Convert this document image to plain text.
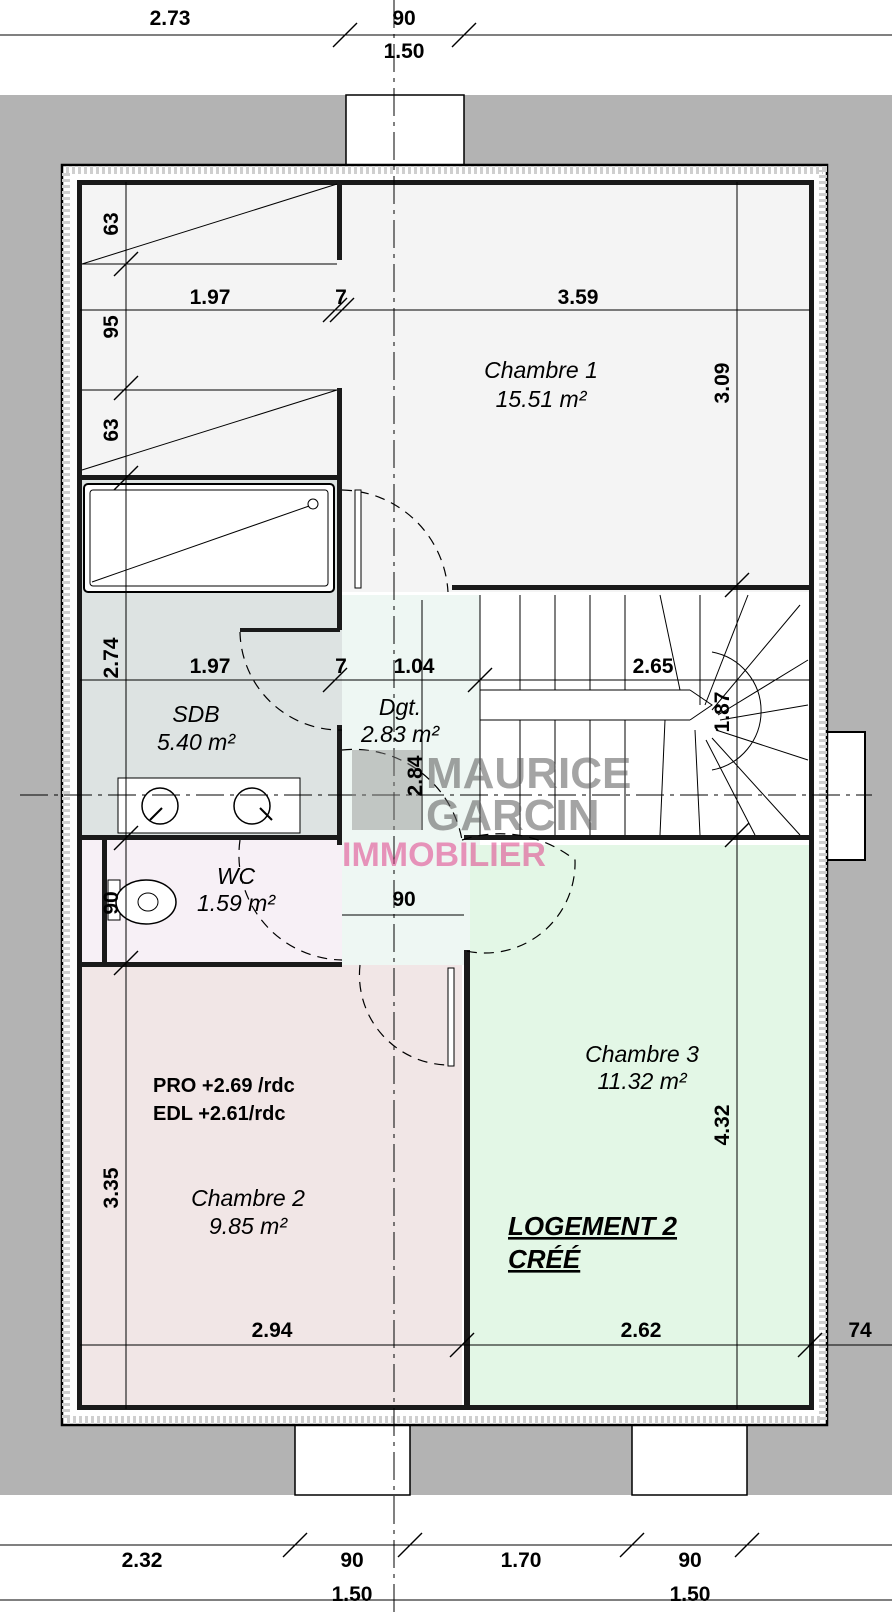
MAURICE
GARCIN
IMMOBILIER
2.73	90
1.50
1.97	7	3.59
1.97	7 1.04	2.65
90
2.94	2.62	74
2.32	90	1.70	90
1.50	1.50
63
95
63
3.09
2.74
1.87
2.84
90
3.35
4.32
Chambre 1
15.51 m²
SDB
5.40 m²
Dgt.
2.83 m²
WC
1.59 m²
Chambre 2
9.85 m²
Chambre 3
11.32 m²
PRO +2.69 /rdc
EDL +2.61/rdc
LOGEMENT 2
CRÉÉ
